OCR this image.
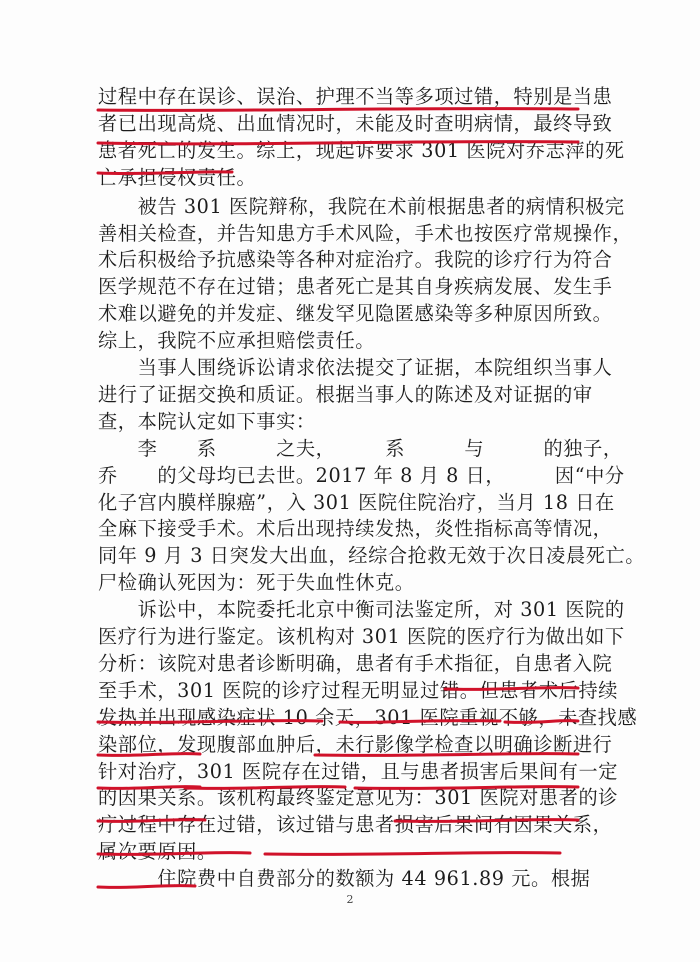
过程中存在误诊、误治、护理不当等多项过错，特别是当患
者已出现高烧、出血情况时，未能及时查明病情，最终导致
患者死亡的发生。综上，现起诉要求 301 医院对乔志萍的死
亡承担侵权责任。
　　被告 301 医院辩称，我院在术前根据患者的病情积极完
善相关检查，并告知患方手术风险，手术也按医疗常规操作，
术后积极给予抗感染等各种对症治疗。我院的诊疗行为符合
医学规范不存在过错；患者死亡是其自身疾病发展、发生手
术难以避免的并发症、继发罕见隐匿感染等多种原因所致。
综上，我院不应承担赔偿责任。
　　当事人围绕诉讼请求依法提交了证据，本院组织当事人
进行了证据交换和质证。根据当事人的陈述及对证据的审
查，本院认定如下事实：
　　李　　系　　　之夫，　　　系　　　与　　　的独子，
乔　　的父母均已去世。2017 年 8 月 8 日，　　　因“中分
化子宫内膜样腺癌”，入 301 医院住院治疗，当月 18 日在
全麻下接受手术。术后出现持续发热，炎性指标高等情况，
同年 9 月 3 日突发大出血，经综合抢救无效于次日凌晨死亡。
尸检确认死因为：死于失血性休克。
　　诉讼中，本院委托北京中衡司法鉴定所，对 301 医院的
医疗行为进行鉴定。该机构对 301 医院的医疗行为做出如下
分析：该院对患者诊断明确，患者有手术指征，自患者入院
至手术，301 医院的诊疗过程无明显过错。但患者术后持续
发热并出现感染症状 10 余天，301 医院重视不够，未查找感
染部位，发现腹部血肿后，未行影像学检查以明确诊断进行
针对治疗，301 医院存在过错，且与患者损害后果间有一定
的因果关系。该机构最终鉴定意见为：301 医院对患者的诊
疗过程中存在过错，该过错与患者损害后果间有因果关系，
属次要原因。
　　　住院费中自费部分的数额为 44 961.89 元。根据
2
